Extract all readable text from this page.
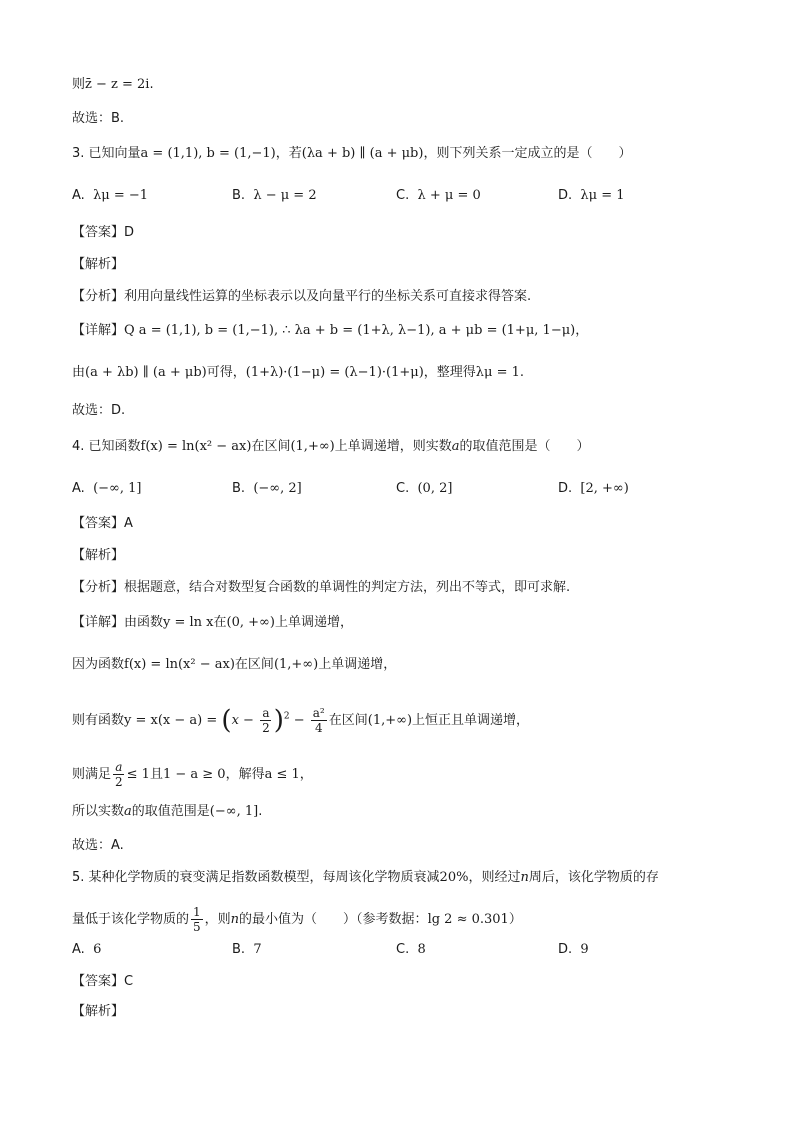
则z̄ − z = 2i.
故选：B.
3. 已知向量a = (1,1), b = (1,−1)，若(λa + b) ∥ (a + μb)，则下列关系一定成立的是（　　）
A. λμ = −1	B. λ − μ = 2	C. λ + μ = 0	D. λμ = 1
【答案】D
【解析】
【分析】利用向量线性运算的坐标表示以及向量平行的坐标关系可直接求得答案.
【详解】Q a = (1,1), b = (1,−1), ∴ λa + b = (1+λ, λ−1), a + μb = (1+μ, 1−μ)，
由(a + λb) ∥ (a + μb)可得，(1+λ)·(1−μ) = (λ−1)·(1+μ)，整理得λμ = 1.
故选：D.
4. 已知函数f(x) = ln(x² − ax)在区间(1,+∞)上单调递增，则实数a的取值范围是（　　）
A. (−∞, 1]	B. (−∞, 2]	C. (0, 2]	D. [2, +∞)
【答案】A
【解析】
【分析】根据题意，结合对数型复合函数的单调性的判定方法，列出不等式，即可求解.
【详解】由函数y = ln x在(0, +∞)上单调递增，
因为函数f(x) = ln(x² − ax)在区间(1,+∞)上单调递增，
则有函数$y = x(x - a) = (x - \frac{a}{2} )^2 - \frac{\text{a²}}{4}$ 在区间(1,+∞)上恒正且单调递增，
则满足 $\frac{a}{2} \le 1$且1 − a ≥ 0，解得a ≤ 1，
所以实数a的取值范围是(−∞, 1].
故选：A.
5. 某种化学物质的衰变满足指数函数模型，每周该化学物质衰减20%，则经过n周后，该化学物质的存
量低于该化学物质的 $\frac{1}{5}$ ，则n的最小值为（　　）（参考数据：lg 2 ≈ 0.301）
A. 6	B. 7	C. 8	D. 9
【答案】C
【解析】
